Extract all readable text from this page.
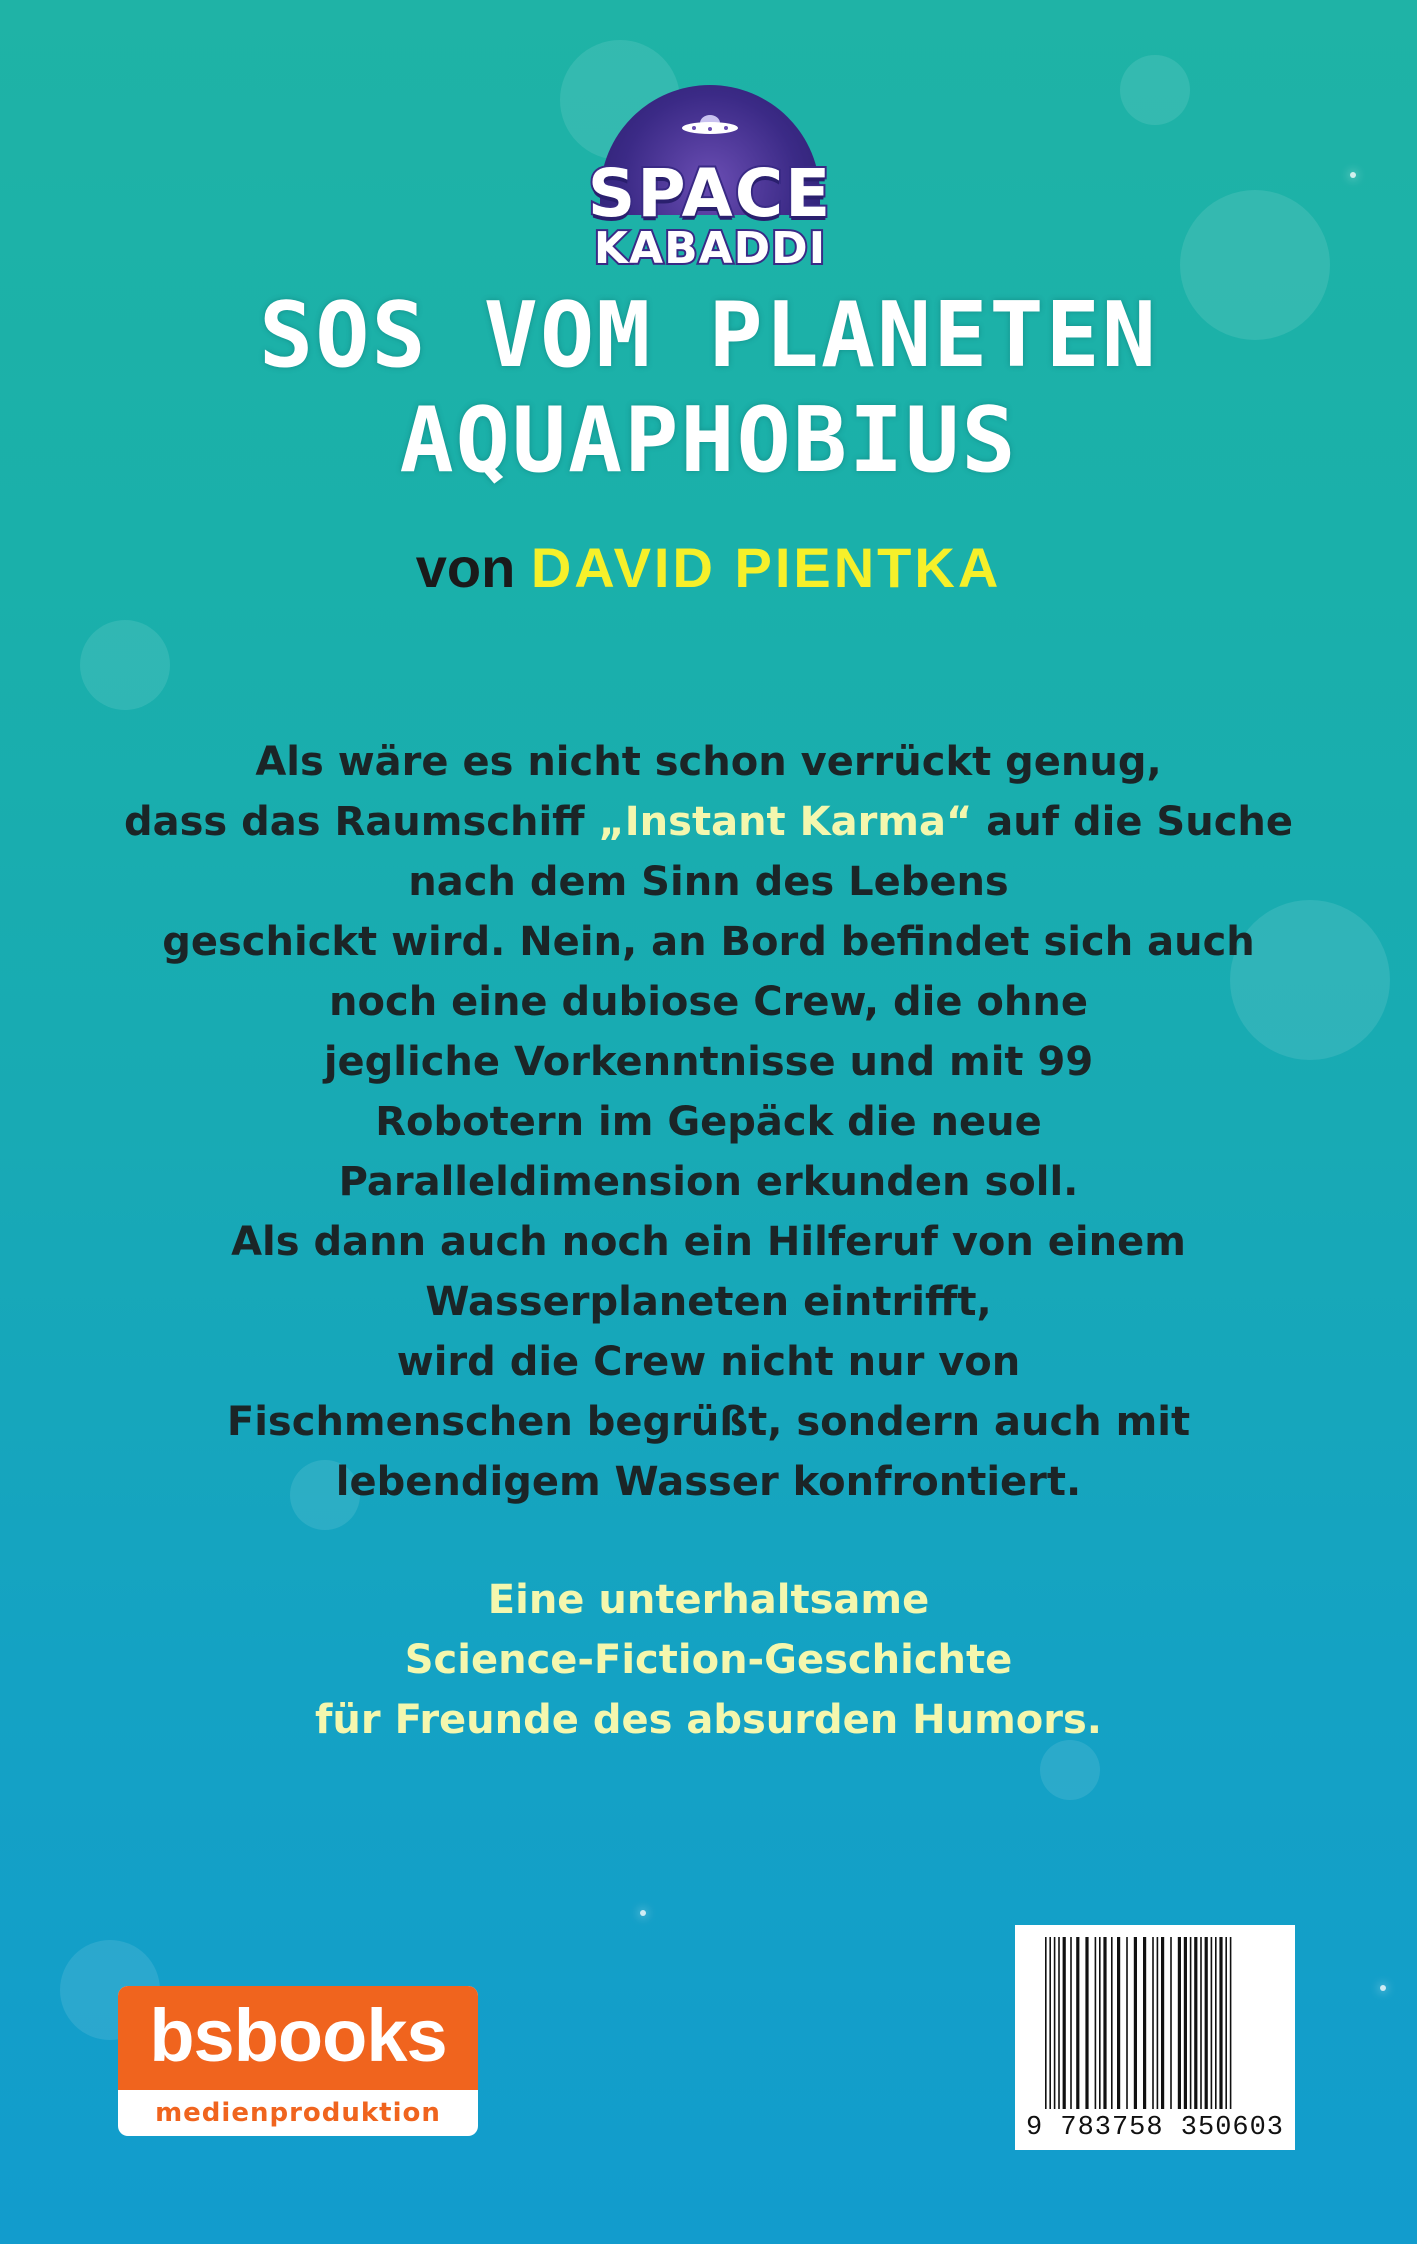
SPACE
KABADDI
SOS VOM PLANETEN
AQUAPHOBIUS
von DAVID PIENTKA
Als wäre es nicht schon verrückt genug,
dass das Raumschiff „Instant Karma“ auf die Suche
nach dem Sinn des Lebens
geschickt wird. Nein, an Bord befindet sich auch
noch eine dubiose Crew, die ohne
jegliche Vorkenntnisse und mit 99
Robotern im Gepäck die neue
Paralleldimension erkunden soll.
Als dann auch noch ein Hilferuf von einem
Wasserplaneten eintrifft,
wird die Crew nicht nur von
Fischmenschen begrüßt, sondern auch mit
lebendigem Wasser konfrontiert.
Eine unterhaltsame
Science-Fiction-Geschichte
für Freunde des absurden Humors.
bsbooks
medienproduktion	9 783758 350603
